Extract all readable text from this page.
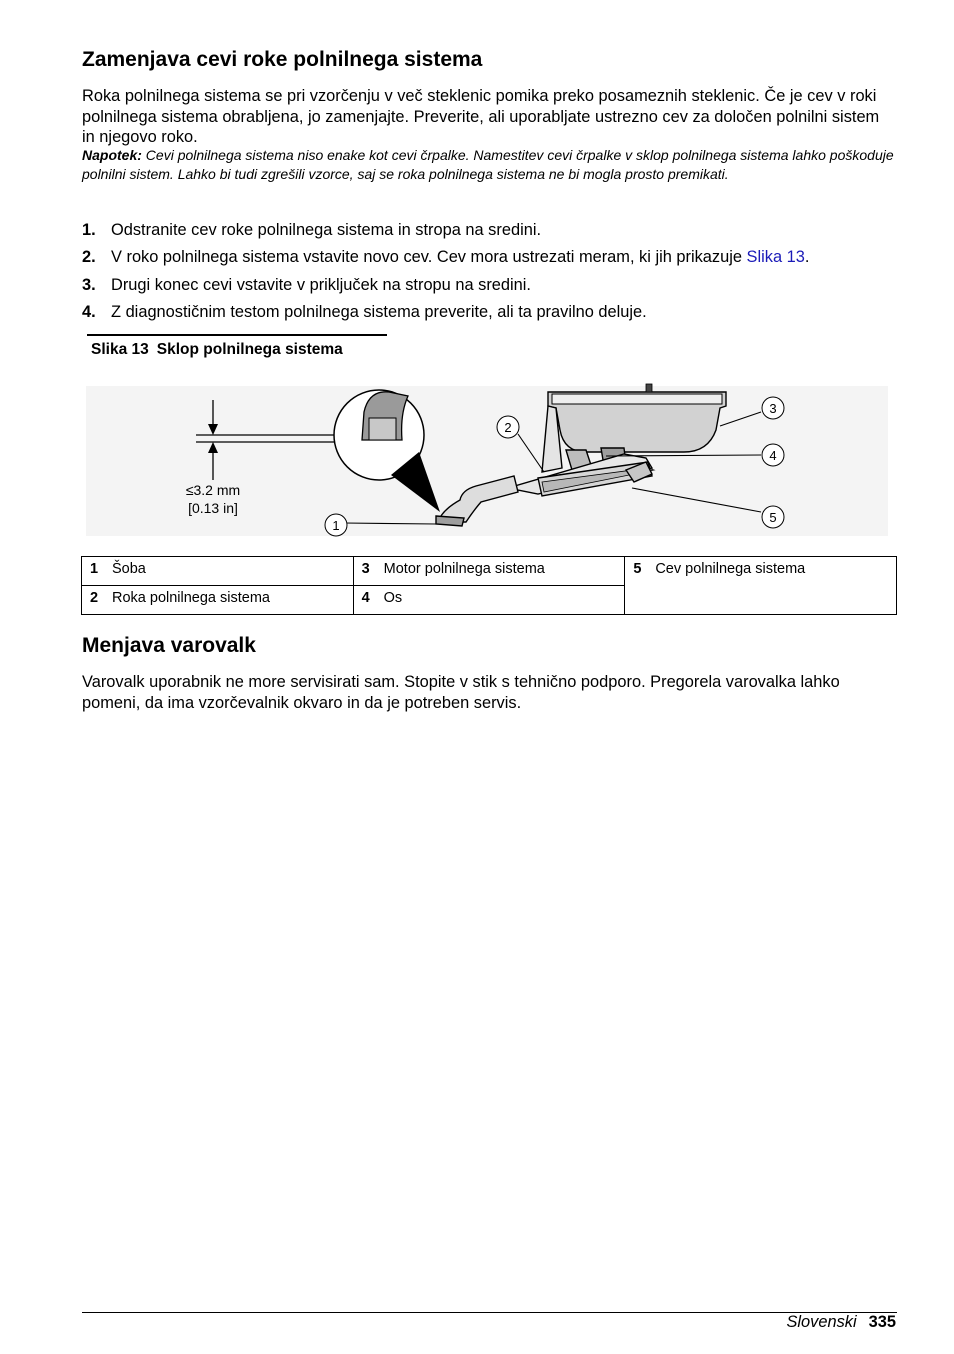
Zamenjava cevi roke polnilnega sistema

Roka polnilnega sistema se pri vzorčenju v več steklenic pomika preko posameznih steklenic. Če je cev v roki polnilnega sistema obrabljena, jo zamenjajte. Preverite, ali uporabljate ustrezno cev za določen polnilni sistem in njegovo roko.

Napotek: Cevi polnilnega sistema niso enake kot cevi črpalke. Namestitev cevi črpalke v sklop polnilnega sistema lahko poškoduje polnilni sistem. Lahko bi tudi zgrešili vzorce, saj se roka polnilnega sistema ne bi mogla prosto premikati.

1. Odstranite cev roke polnilnega sistema in stropa na sredini.
2. V roko polnilnega sistema vstavite novo cev. Cev mora ustrezati meram, ki jih prikazuje Slika 13.
3. Drugi konec cevi vstavite v priključek na stropu na sredini.
4. Z diagnostičnim testom polnilnega sistema preverite, ali ta pravilno deluje.
Slika 13 Sklop polnilnega sistema
≤3.2 mm
[0.13 in]
1
2
3
4
5
1 Šoba	3 Motor polnilnega sistema	5 Cev polnilnega sistema
2 Roka polnilnega sistema	4 Os	
Menjava varovalk

Varovalk uporabnik ne more servisirati sam. Stopite v stik s tehnično podporo. Pregorela varovalka lahko pomeni, da ima vzorčevalnik okvaro in da je potreben servis.

Slovenski 335
